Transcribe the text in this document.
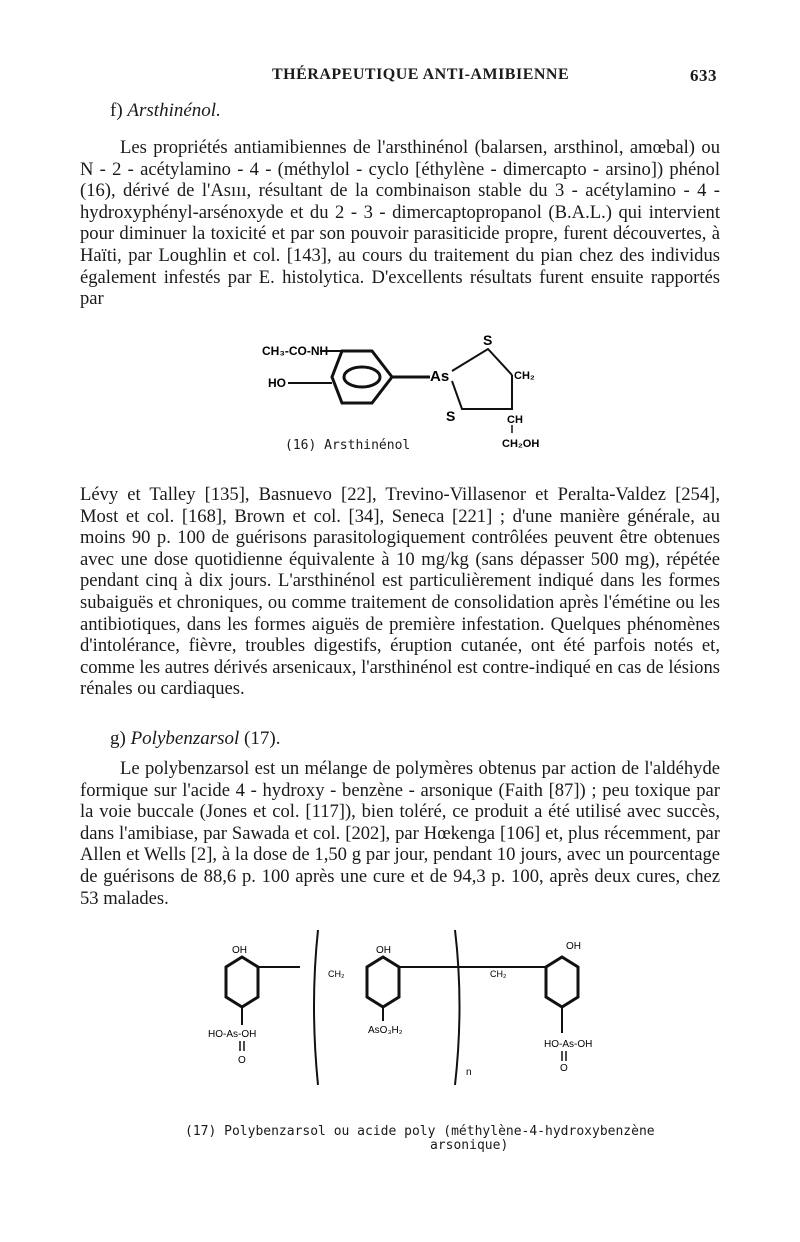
THÉRAPEUTIQUE ANTI-AMIBIENNE	633
f) Arsthinénol.

Les propriétés antiamibiennes de l'arsthinénol (balarsen, arsthinol, amœbal) ou N - 2 - acétylamino - 4 - (méthylol - cyclo [éthylène - dimercapto - arsino]) phénol (16), dérivé de l'Asııı, résultant de la combinaison stable du 3 - acétylamino - 4 - hydroxyphényl-arsénoxyde et du 2 - 3 - dimercaptopropanol (B.A.L.) qui intervient pour diminuer la toxicité et par son pouvoir parasiticide propre, furent découvertes, à Haïti, par Loughlin et col. [143], au cours du traitement du pian chez des individus également infestés par E. histolytica. D'excellents résultats furent ensuite rapportés par

CH₃-CO-NH
HO	As
S
S
CH₂
CH
CH₂OH
(16) Arsthinénol

Lévy et Talley [135], Basnuevo [22], Trevino-Villasenor et Peralta-Valdez [254], Most et col. [168], Brown et col. [34], Seneca [221] ; d'une manière générale, au moins 90 p. 100 de guérisons parasitologiquement contrôlées peuvent être obtenues avec une dose quotidienne équivalente à 10 mg/kg (sans dépasser 500 mg), répétée pendant cinq à dix jours. L'arsthinénol est particulièrement indiqué dans les formes subaiguës et chroniques, ou comme traitement de consolidation après l'émétine ou les antibiotiques, dans les formes aiguës de première infestation. Quelques phénomènes d'intolérance, fièvre, troubles digestifs, éruption cutanée, ont été parfois notés et, comme les autres dérivés arsenicaux, l'arsthinénol est contre-indiqué en cas de lésions rénales ou cardiaques.

g) Polybenzarsol (17).

Le polybenzarsol est un mélange de polymères obtenus par action de l'aldéhyde formique sur l'acide 4 - hydroxy - benzène - arsonique (Faith [87]) ; peu toxique par la voie buccale (Jones et col. [117]), bien toléré, ce produit a été utilisé avec succès, dans l'amibiase, par Sawada et col. [202], par Hœkenga [106] et, plus récemment, par Allen et Wells [2], à la dose de 1,50 g par jour, pendant 10 jours, avec un pourcentage de guérisons de 88,6 p. 100 après une cure et de 94,3 p. 100, après deux cures, chez 53 malades.

OH
HO-As-OH
O
CH₂
OH
AsO₃H₂
n
CH₂
OH
HO-As-OH
O
(17) Polybenzarsol ou acide poly (méthylène-4-hydroxybenzène
arsonique)
